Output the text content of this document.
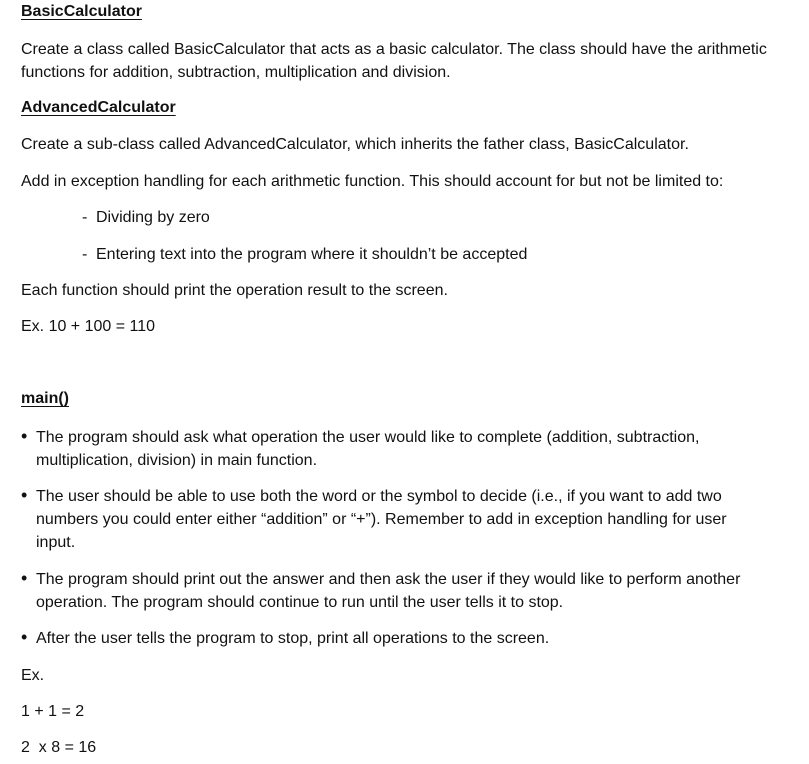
BasicCalculator
Create a class called BasicCalculator that acts as a basic calculator. The class should have the arithmetic
functions for addition, subtraction, multiplication and division.
AdvancedCalculator
Create a sub-class called AdvancedCalculator, which inherits the father class, BasicCalculator.
Add in exception handling for each arithmetic function. This should account for but not be limited to:
- Dividing by zero
- Entering text into the program where it shouldn’t be accepted
Each function should print the operation result to the screen.
Ex. 10 + 100 = 110
main()
• The program should ask what operation the user would like to complete (addition, subtraction,
multiplication, division) in main function.
• The user should be able to use both the word or the symbol to decide (i.e., if you want to add two
numbers you could enter either “addition” or “+”). Remember to add in exception handling for user
input.
• The program should print out the answer and then ask the user if they would like to perform another
operation. The program should continue to run until the user tells it to stop.
• After the user tells the program to stop, print all operations to the screen.
Ex.
1 + 1 = 2
2  x 8 = 16
